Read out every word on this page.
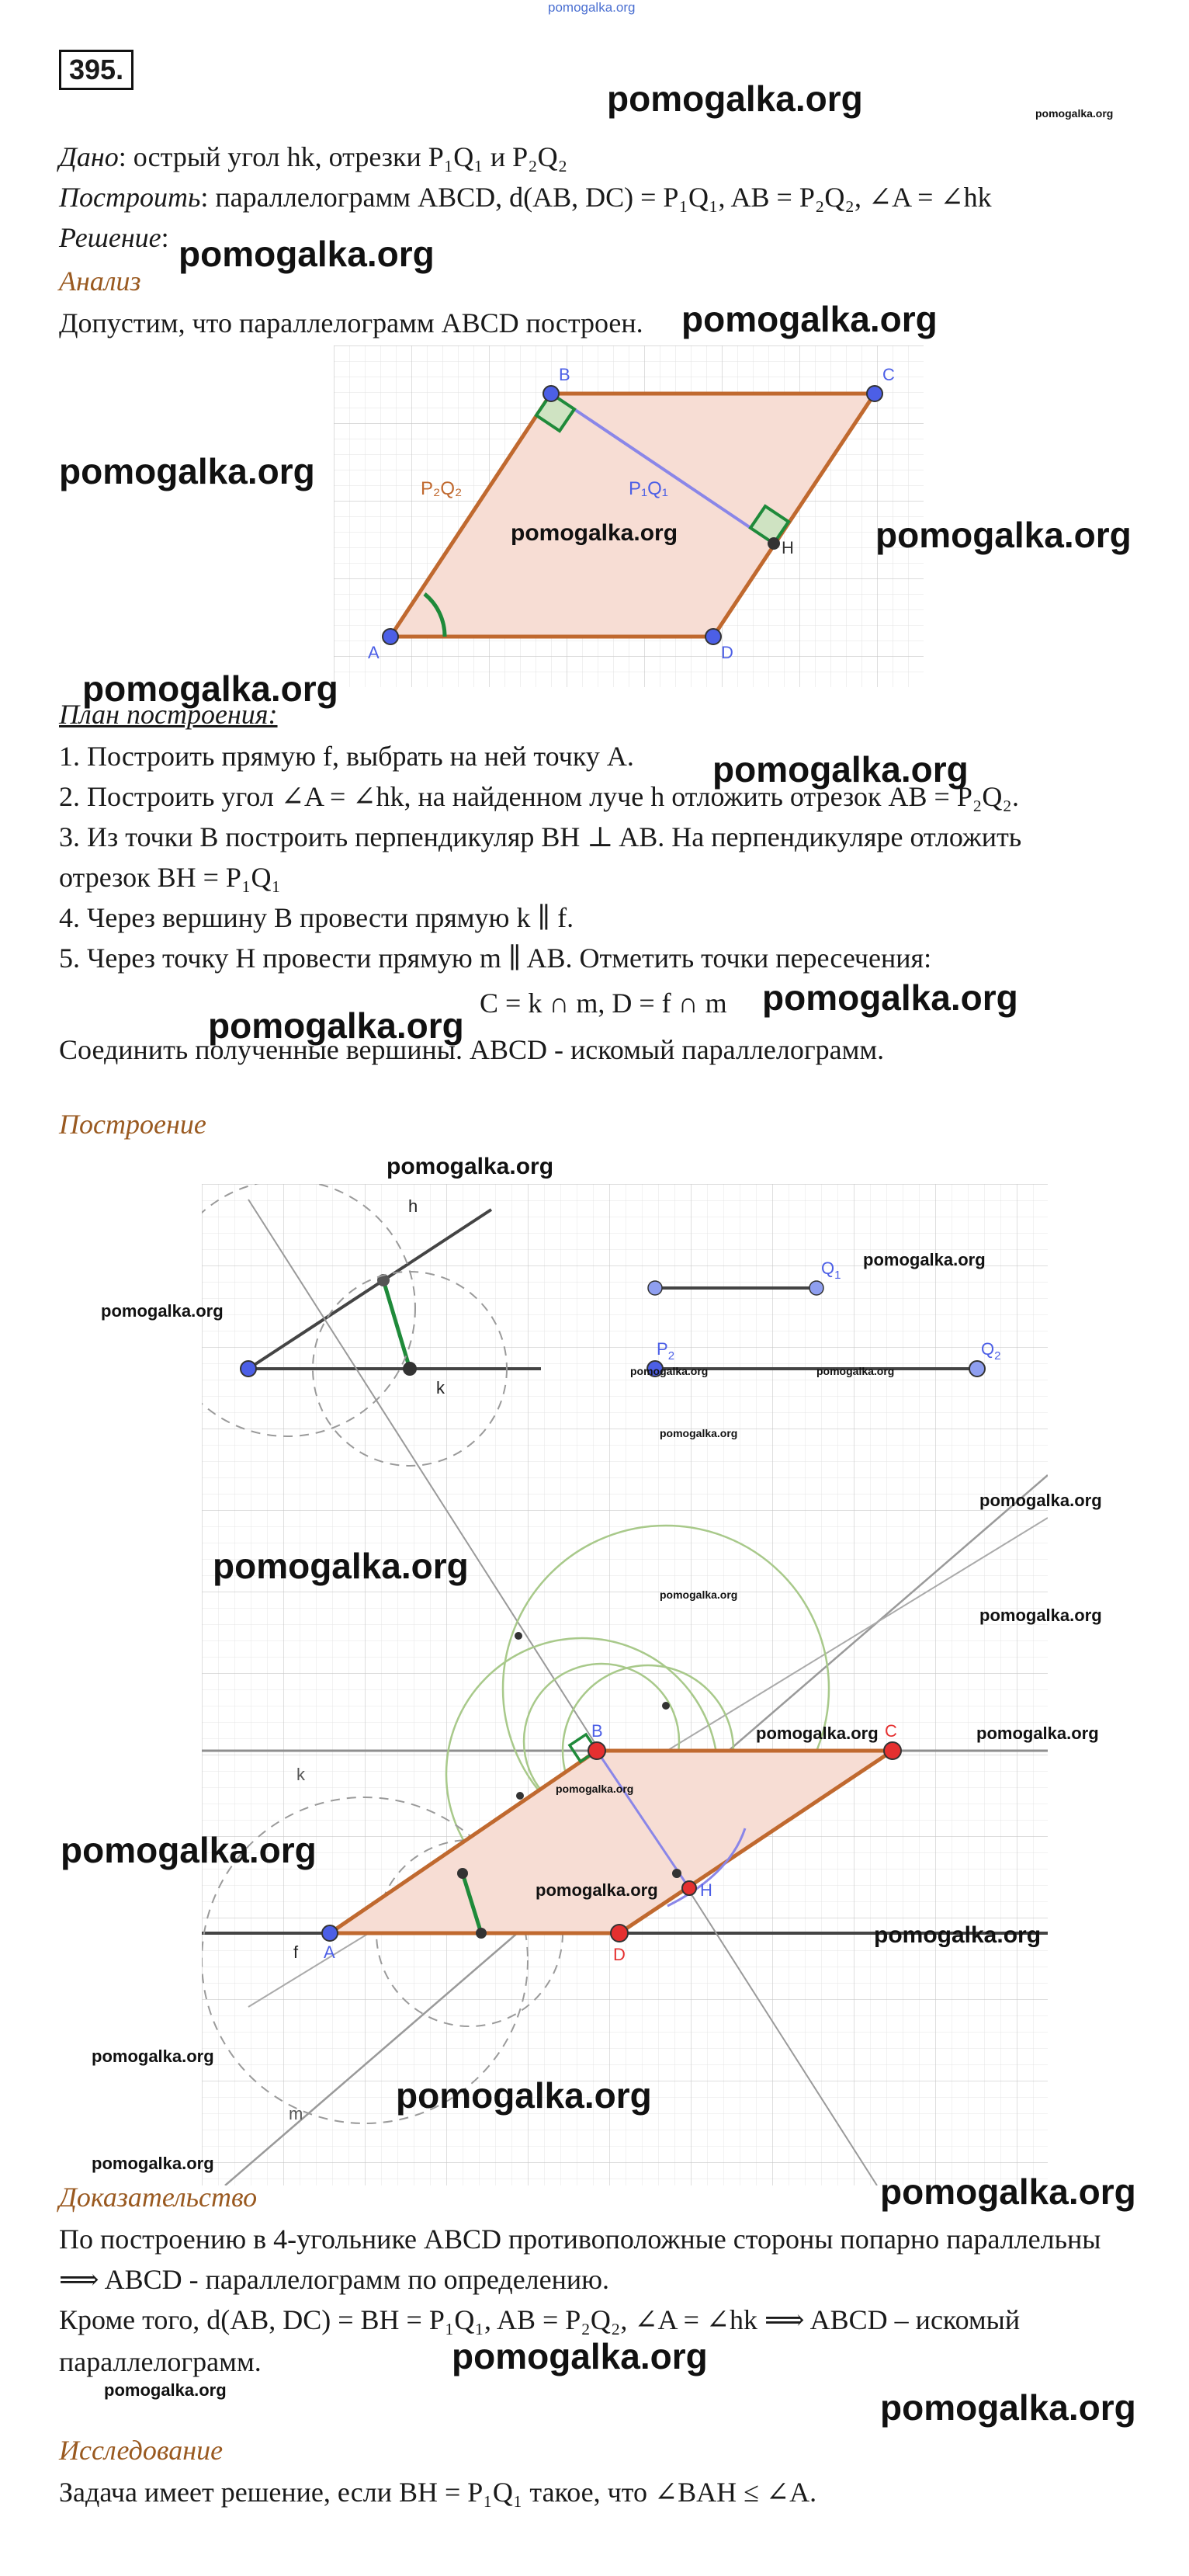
pomogalka.org
395.
pomogalka.org	pomogalka.org
Дано: острый угол hk, отрезки P₁Q₁ и P₂Q₂
Построить: параллелограмм ABCD, d(AB, DC) = P₁Q₁, AB = P₂Q₂, ∠A = ∠hk
Решение: pomogalka.org
Анализ
Допустим, что параллелограмм ABCD построен. pomogalka.org
A
B	C
D
H
P₂Q₂	P₁Q₁
pomogalka.org
pomogalka.org	pomogalka.org
pomogalka.org
План построения:
1. Построить прямую f, выбрать на ней точку A. pomogalka.org
2. Построить угол ∠A = ∠hk, на найденном луче h отложить отрезок AB = P₂Q₂.
3. Из точки B построить перпендикуляр BH ⊥ AB. На перпендикуляре отложить
отрезок BH = P₁Q₁
4. Через вершину B провести прямую k ∥ f.
5. Через точку H провести прямую m ∥ AB. Отметить точки пересечения:
C = k ∩ m, D = f ∩ m pomogalka.org
pomogalka.org
Соединить полученные вершины. ABCD - искомый параллелограмм.
Построение
h
k
$Q_1$
$P_2$	$Q_2$
B	C
A	D
H
f
k
m
pomogalka.org
pomogalka.org
pomogalka.org
pomogalka.org	pomogalka.org
pomogalka.org
pomogalka.org
pomogalka.org
pomogalka.org
pomogalka.org
pomogalka.org	pomogalka.org
pomogalka.org
pomogalka.org
pomogalka.org
pomogalka.org
pomogalka.org
pomogalka.org
pomogalka.org
Доказательство	pomogalka.org
По построению в 4-угольнике ABCD противоположные стороны попарно параллельны
⟹ ABCD - параллелограмм по определению.
Кроме того, d(AB, DC) = BH = P₁Q₁, AB = P₂Q₂, ∠A = ∠hk ⟹ ABCD – искомый
pomogalka.org
параллелограмм.
pomogalka.org	pomogalka.org
Исследование
Задача имеет решение, если BH = P₁Q₁ такое, что ∠BAH ≤ ∠A.
